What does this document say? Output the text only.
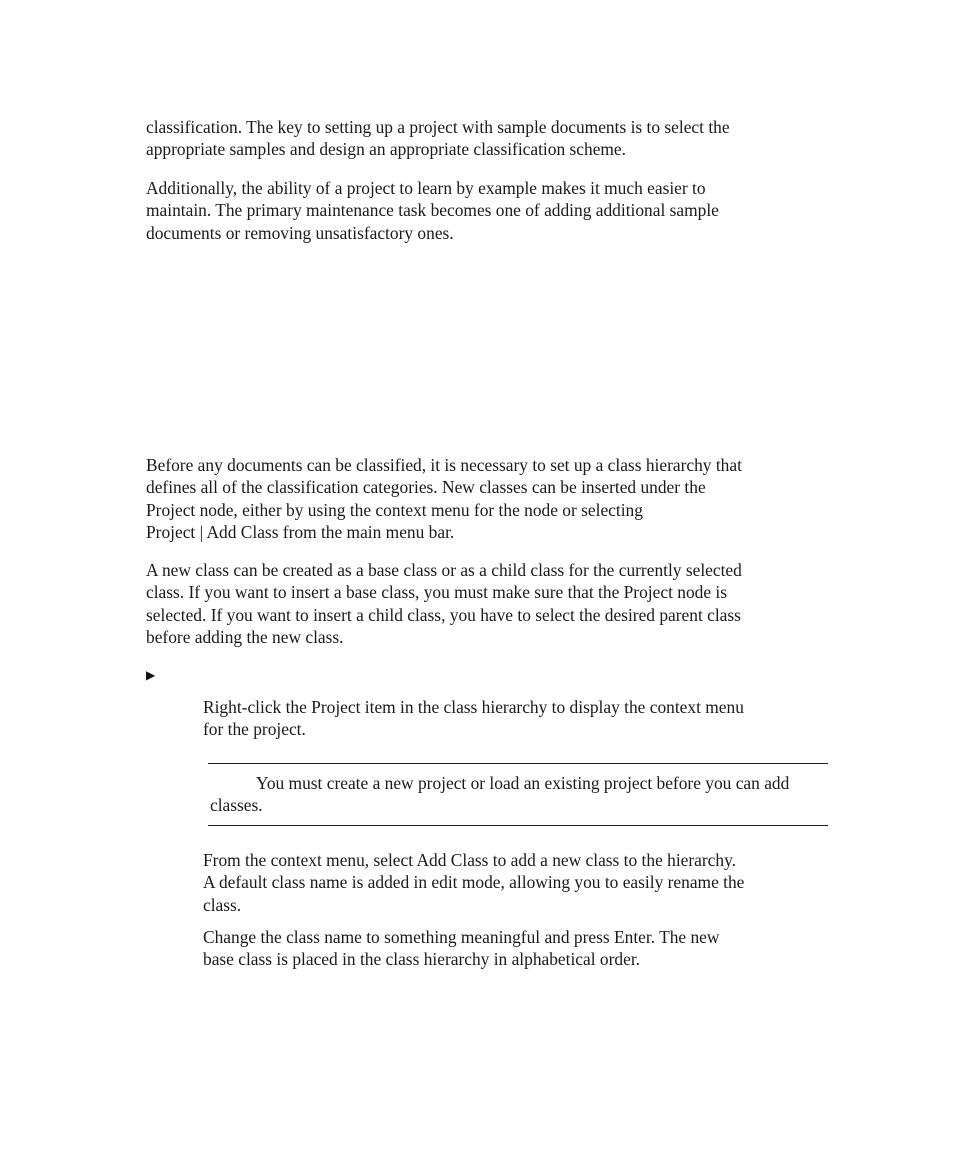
classification. The key to setting up a project with sample documents is to select the
appropriate samples and design an appropriate classification scheme.

Additionally, the ability of a project to learn by example makes it much easier to
maintain. The primary maintenance task becomes one of adding additional sample
documents or removing unsatisfactory ones.

Before any documents can be classified, it is necessary to set up a class hierarchy that
defines all of the classification categories. New classes can be inserted under the
Project node, either by using the context menu for the node or selecting
Project | Add Class from the main menu bar.

A new class can be created as a base class or as a child class for the currently selected
class. If you want to insert a base class, you must make sure that the Project node is
selected. If you want to insert a child class, you have to select the desired parent class
before adding the new class.

▶

Right-click the Project item in the class hierarchy to display the context menu
for the project.

You must create a new project or load an existing project before you can add classes.

From the context menu, select Add Class to add a new class to the hierarchy.
A default class name is added in edit mode, allowing you to easily rename the
class.

Change the class name to something meaningful and press Enter. The new
base class is placed in the class hierarchy in alphabetical order.
